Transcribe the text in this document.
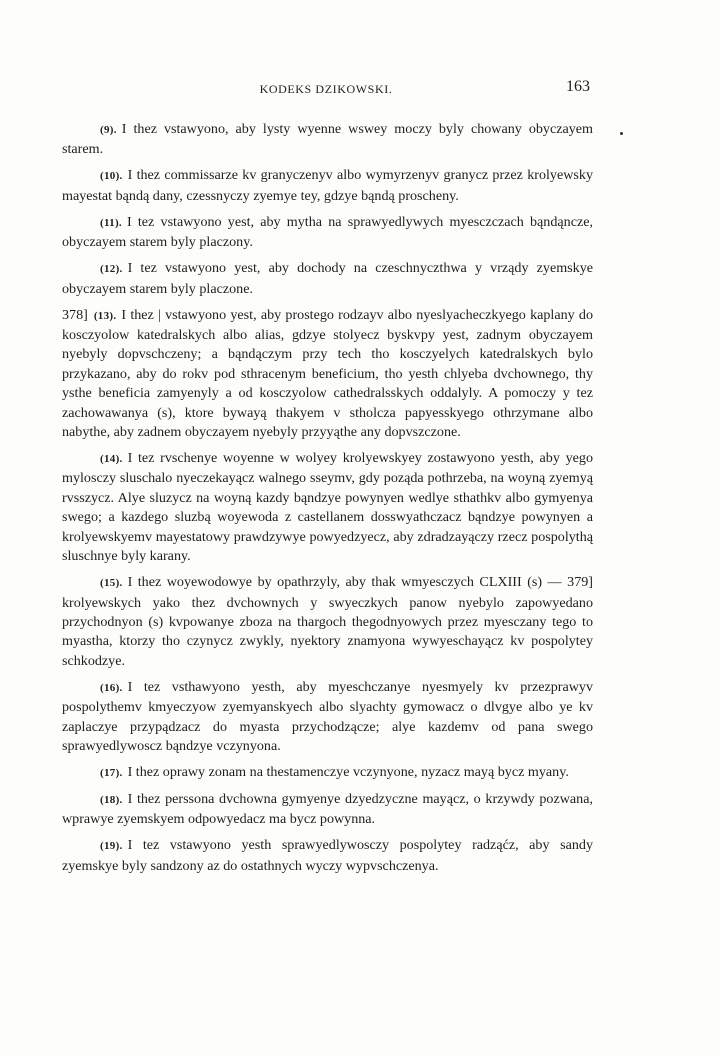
KODEKS DZIKOWSKI.	163

(9). I thez vstawyono, aby lysty wyenne wswey moczy byly chowany obyczayem starem.

(10). I thez commissarze kv granyczenyv albo wymyrzenyv granycz przez krolyewsky mayestat bąndą dany, czessnyczy zyemye tey, gdzye bąndą proscheny.

(11). I tez vstawyono yest, aby mytha na sprawyedlywych myesczczach bąndąncze, obyczayem starem byly placzony.

(12). I tez vstawyono yest, aby dochody na czeschnyczthwa y vrządy zyemskye obyczayem starem byly placzone.

378] (13). I thez | vstawyono yest, aby prostego rodzayv albo nyeslyacheczkyego kaplany do kosczyolow katedralskych albo alias, gdzye stolyecz byskvpy yest, zadnym obyczayem nyebyly dopvschczeny; a bąndączym przy tech tho kosczyelych katedralskych bylo przykazano, aby do rokv pod sthracenym beneficium, tho yesth chlyeba dvchownego, thy ysthe beneficia zamyenyly a od kosczyolow cathedralsskych oddalyly. A pomoczy y tez zachowawanya (s), ktore bywayą thakyem v stholcza papyesskyego othrzymane albo nabythe, aby zadnem obyczayem nyebyly przyyąthe any dopvszczone.

(14). I tez rvschenye woyenne w wolyey krolyewskyey zostawyono yesth, aby yego mylosczy sluschalo nyeczekayącz walnego sseymv, gdy poząda pothrzeba, na woyną zyemyą rvsszycz. Alye sluzycz na woyną kazdy bąndzye powynyen wedlye sthathkv albo gymyenya swego; a kazdego sluzbą woyewoda z castellanem dosswyathczacz bąndzye powynyen a krolyewskyemv mayestatowy prawdzywye powyedzyecz, aby zdradzayączy rzecz pospolythą sluschnye byly karany.

(15). I thez woyewodowye by opathrzyly, aby thak wmyesczych CLXIII (s) — 379] krolyewskych yako thez dvchownych y swyeczkych panow nyebylo zapowyedano przychodnyon (s) kvpowanye zboza na thargoch thegodnyowych przez myesczany tego to myastha, ktorzy tho czynycz zwykly, nyektory znamyona wywyeschayącz kv pospolytey schkodzye.

(16). I tez vsthawyono yesth, aby myeschczanye nyesmyely kv przezprawyv pospolythemv kmyeczyow zyemyanskyech albo slyachty gymowacz o dlvgye albo ye kv zaplaczye przypądzacz do myasta przychodzącze; alye kazdemv od pana swego sprawyedlywoscz bąndzye vczynyona.

(17). I thez oprawy zonam na thestamenczye vczynyone, nyzacz mayą bycz myany.

(18). I thez perssona dvchowna gymyenye dzyedzyczne mayącz, o krzywdy pozwana, wprawye zyemskyem odpowyedacz ma bycz powynna.

(19). I tez vstawyono yesth sprawyedlywosczy pospolytey radząćz, aby sandy zyemskye byly sandzony az do ostathnych wyczy wypvschczenya.
